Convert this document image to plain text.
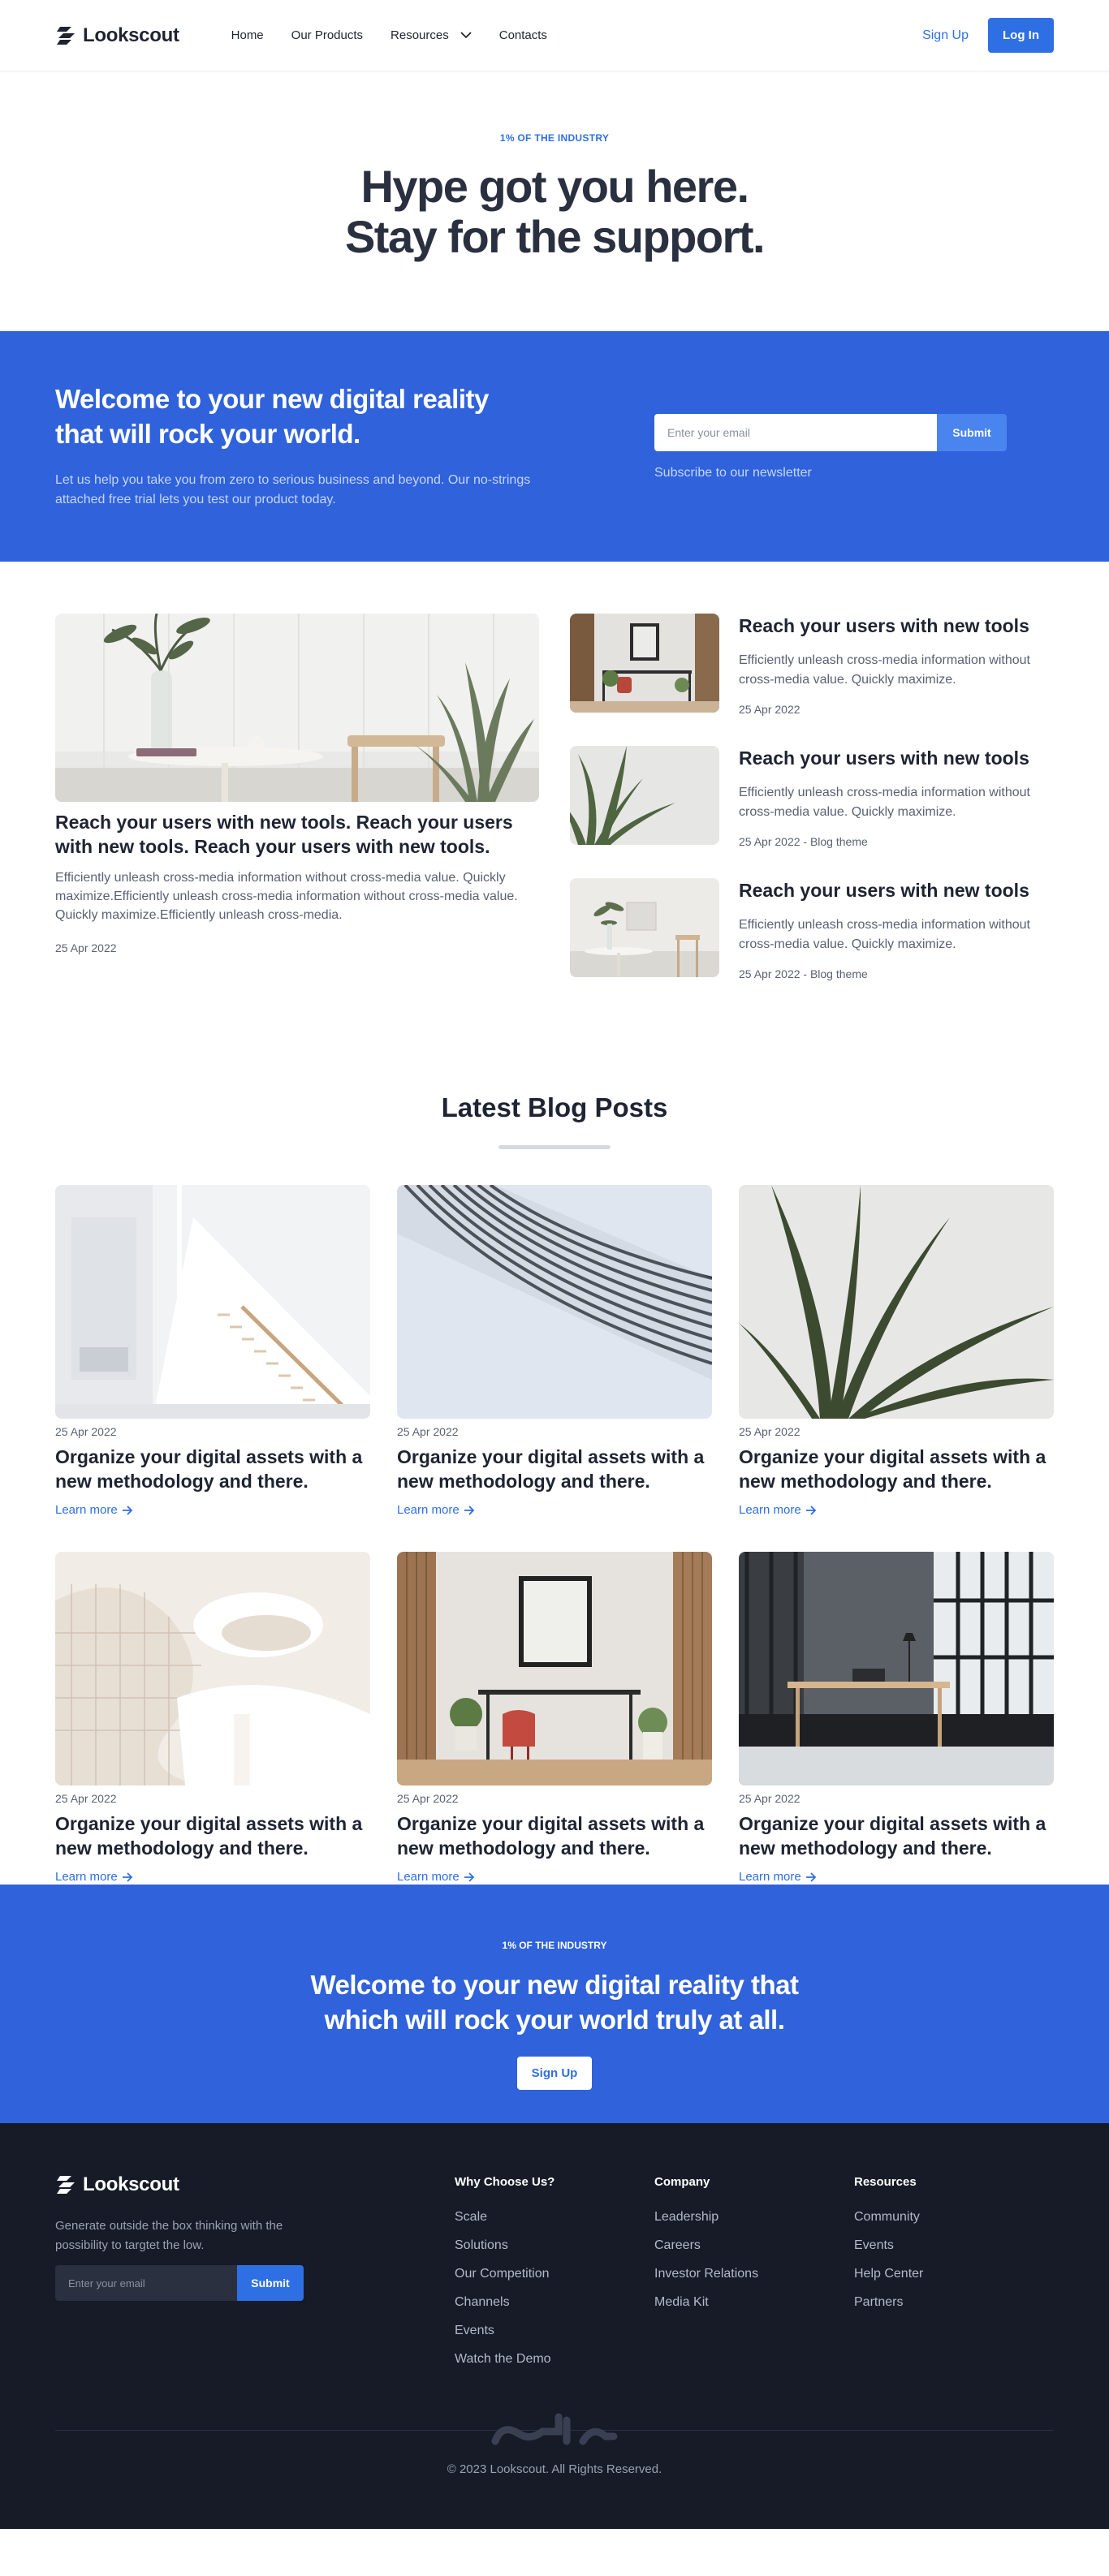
Lookscout	Home Our Products Resources	Contacts	Sign Up	Log In
1% OF THE INDUSTRY
Hype got you here.
Stay for the support.
Welcome to your new digital reality that will rock your world.

Let us help you take you from zero to serious business and beyond. Our no-strings attached free trial lets you test our product today.

Enter your email
Submit
Subscribe to our newsletter
Reach your users with new tools. Reach your users with new tools. Reach your users with new tools.

Efficiently unleash cross-media information without cross-media value. Quickly maximize.Efficiently unleash cross-media information without cross-media value. Quickly maximize.Efficiently unleash cross-media.

25 Apr 2022
Reach your users with new tools
Efficiently unleash cross-media information without cross-media value. Quickly maximize.
25 Apr 2022
Reach your users with new tools
Efficiently unleash cross-media information without cross-media value. Quickly maximize.
25 Apr 2022 - Blog theme
Reach your users with new tools
Efficiently unleash cross-media information without cross-media value. Quickly maximize.
25 Apr 2022 - Blog theme
Latest Blog Posts
25 Apr 2022
Organize your digital assets with a new methodology and there.
Learn more
25 Apr 2022
Organize your digital assets with a new methodology and there.
Learn more
25 Apr 2022
Organize your digital assets with a new methodology and there.
Learn more
25 Apr 2022
Organize your digital assets with a new methodology and there.
Learn more
25 Apr 2022
Organize your digital assets with a new methodology and there.
Learn more
25 Apr 2022
Organize your digital assets with a new methodology and there.
Learn more
1% OF THE INDUSTRY
Welcome to your new digital reality that which will rock your world truly at all.
Sign Up
Lookscout

Generate outside the box thinking with the possibility to targtet the low.

Enter your email
Submit
Why Choose Us?
Scale
Solutions
Our Competition
Channels
Events
Watch the Demo
Company
Leadership
Careers
Investor Relations
Media Kit
Resources
Community
Events
Help Center
Partners
© 2023 Lookscout. All Rights Reserved.
